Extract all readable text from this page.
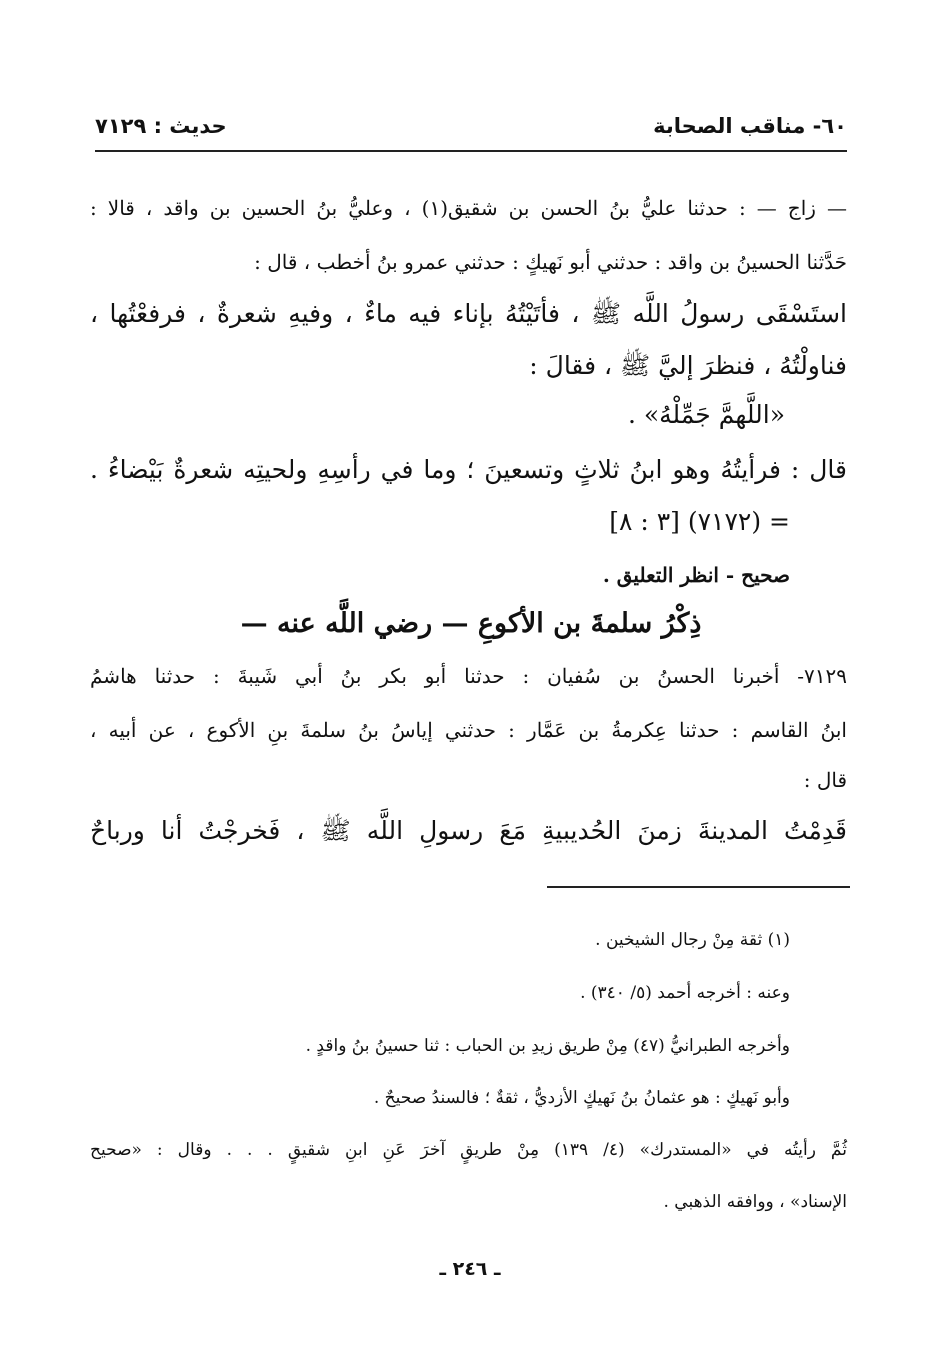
٦٠- مناقب الصحابة
حديث : ٧١٢٩
— زاج — : حدثنا عليُّ بنُ الحسن بن شقيق(١) ، وعليُّ بنُ الحسين بن واقد ، قالا :
حَدَّثنا الحسينُ بن واقد : حدثني أبو نَهيكٍ : حدثني عمرو بنُ أخطب ، قال :
استَسْقَى رسولُ اللَّه ﷺ ، فأتَيْتُهُ بإناء فيه ماءٌ ، وفيهِ شعرةٌ ، فرفعْتُها ،
فناولْتُهُ ، فنظرَ إليَّ ﷺ ، فقالَ :
«اللَّهمَّ جَمِّلْهُ» .
قال : فرأيتُهُ وهو ابنُ ثلاثٍ وتسعينَ ؛ وما في رأسِهِ ولحيتِه شعرةٌ بَيْضاءُ .
= (٧١٧٢) [٣ : ٨]
صحيح - انظر التعليق .
ذِكْرُ سلمةَ بن الأكوعِ — رضي اللَّه عنه —
٧١٢٩- أخبرنا الحسنُ بن سُفيان : حدثنا أبو بكر بنُ أبي شَيبةَ : حدثنا هاشمُ
ابنُ القاسم : حدثنا عِكرمةُ بن عَمَّار : حدثني إياسُ بنُ سلمةَ بنِ الأكوع ، عن أبيه ،
قال :
قَدِمْتُ المدينةَ زمنَ الحُديبيةِ مَعَ رسولِ اللَّه ﷺ ، فَخرجْتُ أنا ورباحٌ
(١) ثقة مِنْ رجال الشيخين .
وعنه : أخرجه أحمد (٥/ ٣٤٠) .
وأخرجه الطبرانيُّ (٤٧) مِنْ طريق زيدِ بن الحباب : ثنا حسينُ بنُ واقدٍ .
وأبو نَهيكٍ : هو عثمانُ بنُ نَهيكٍ الأزديُّ ، ثقةٌ ؛ فالسندُ صحيحٌ .
ثُمَّ رأيتُه في «المستدرك» (٤/ ١٣٩) مِنْ طريقٍ آخرَ عَنِ ابنِ شقيقٍ . . . وقال : «صحيح
الإسناد» ، ووافقه الذهبي .
ـ ٢٤٦ ـ
